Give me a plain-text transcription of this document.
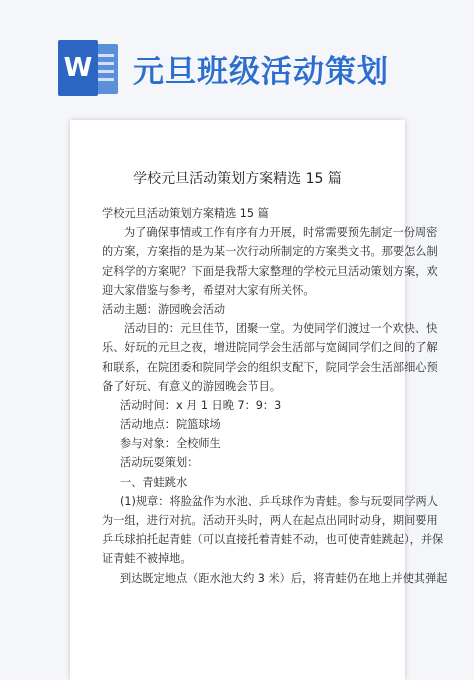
W 元旦班级活动策划
学校元旦活动策划方案精选 15 篇
学校元旦活动策划方案精选 15 篇
为了确保事情或工作有序有力开展，时常需要预先制定一份周密
的方案，方案指的是为某一次行动所制定的方案类文书。那要怎么制
定科学的方案呢？下面是我帮大家整理的学校元旦活动策划方案，欢
迎大家借鉴与参考，希望对大家有所关怀。
活动主题：游园晚会活动
活动目的：元旦佳节，团聚一堂。为使同学们渡过一个欢快、快
乐、好玩的元旦之夜，增进院同学会生活部与宽阔同学们之间的了解
和联系，在院团委和院同学会的组织支配下，院同学会生活部细心预
备了好玩、有意义的游园晚会节目。
活动时间：x 月 1 日晚 7：9：3
活动地点：院篮球场
参与对象：全校师生
活动玩耍策划：
一、青蛙跳水
(1)规章：将脸盆作为水池、乒乓球作为青蛙。参与玩耍同学两人
为一组，进行对抗。活动开头时，两人在起点出同时动身，期间要用
乒乓球拍托起青蛙（可以直接托着青蛙不动，也可使青蛙跳起），并保
证青蛙不被掉地。
到达既定地点（距水池大约 3 米）后，将青蛙仍在地上并使其弹起
